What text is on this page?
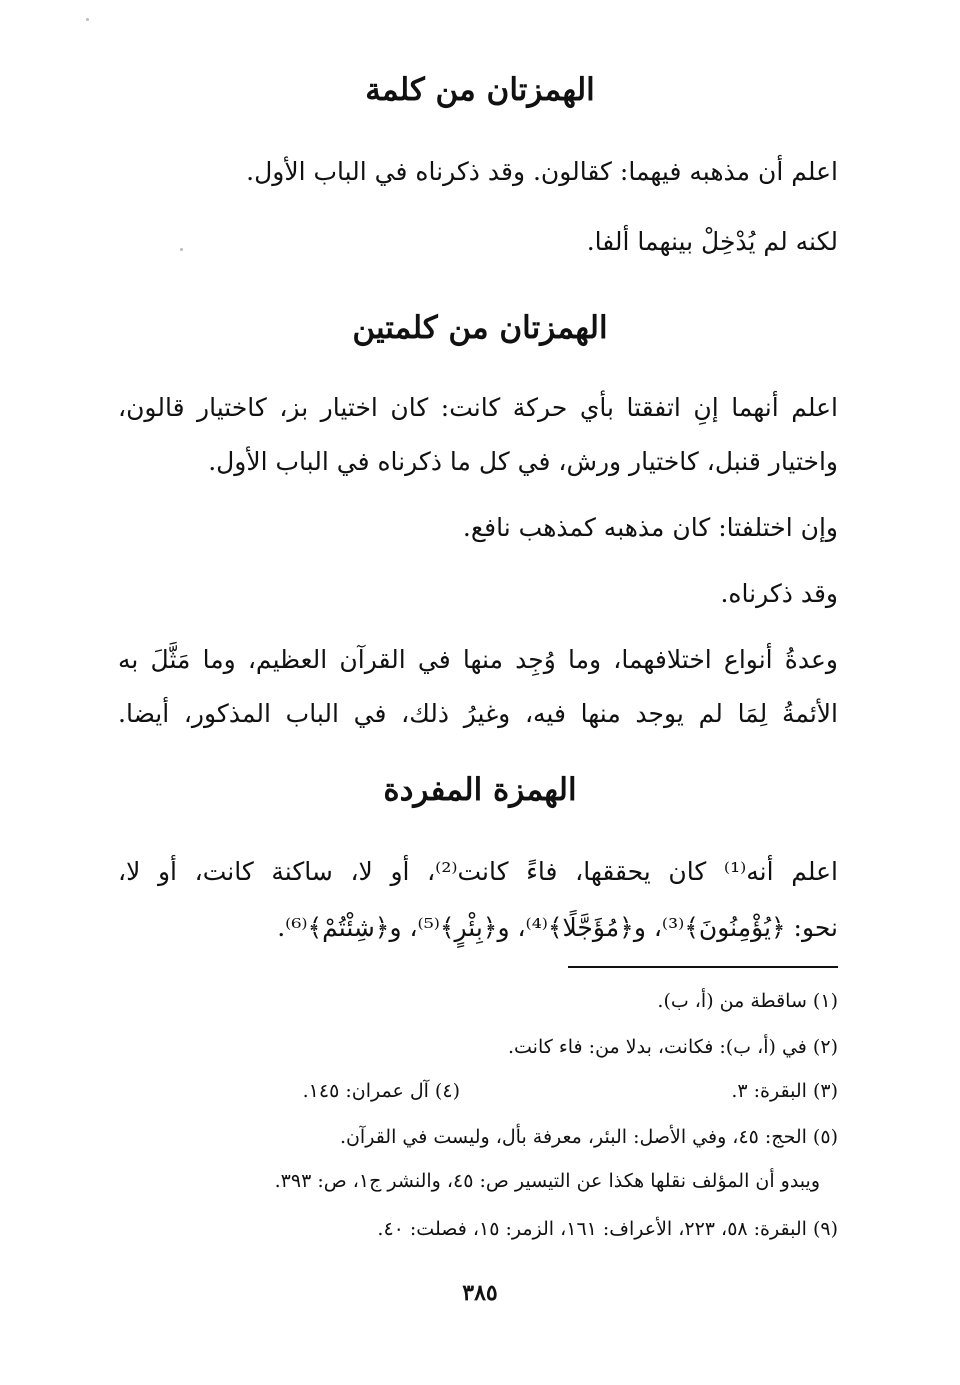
الهمزتان من كلمة
اعلم أن مذهبه فيهما: كقالون. وقد ذكرناه في الباب الأول.
لكنه لم يُدْخِلْ بينهما ألفا.
الهمزتان من كلمتين
اعلم أنهما إنِ اتفقتا بأي حركة كانت: كان اختيار بز، كاختيار قالون،
واختيار قنبل، كاختيار ورش، في كل ما ذكرناه في الباب الأول.
وإن اختلفتا: كان مذهبه كمذهب نافع.
وقد ذكرناه.
وعدةُ أنواع اختلافهما، وما وُجِد منها في القرآن العظيم، وما مَثَّلَ به
الأئمةُ لِمَا لم يوجد منها فيه، وغيرُ ذلك، في الباب المذكور، أيضا.
الهمزة المفردة
اعلم أنه⁽¹⁾ كان يحققها، فاءً كانت⁽²⁾، أو لا، ساكنة كانت، أو لا،
نحو: ﴿يُؤْمِنُونَ﴾⁽³⁾، و﴿مُؤَجَّلًا﴾⁽⁴⁾، و﴿بِئْرٍ﴾⁽⁵⁾، و﴿شِئْتُمْ﴾⁽⁶⁾.
(١) ساقطة من (أ، ب).
(٢) في (أ، ب): فكانت، بدلا من: فاء كانت.
(٣) البقرة: ٣.
(٤) آل عمران: ١٤٥.
(٥) الحج: ٤٥، وفي الأصل: البئر، معرفة بأل، وليست في القرآن.
ويبدو أن المؤلف نقلها هكذا عن التيسير ص: ٤٥، والنشر ج١، ص: ٣٩٣.
(٩) البقرة: ٥٨، ٢٢٣، الأعراف: ١٦١، الزمر: ١٥، فصلت: ٤٠.
٣٨٥
